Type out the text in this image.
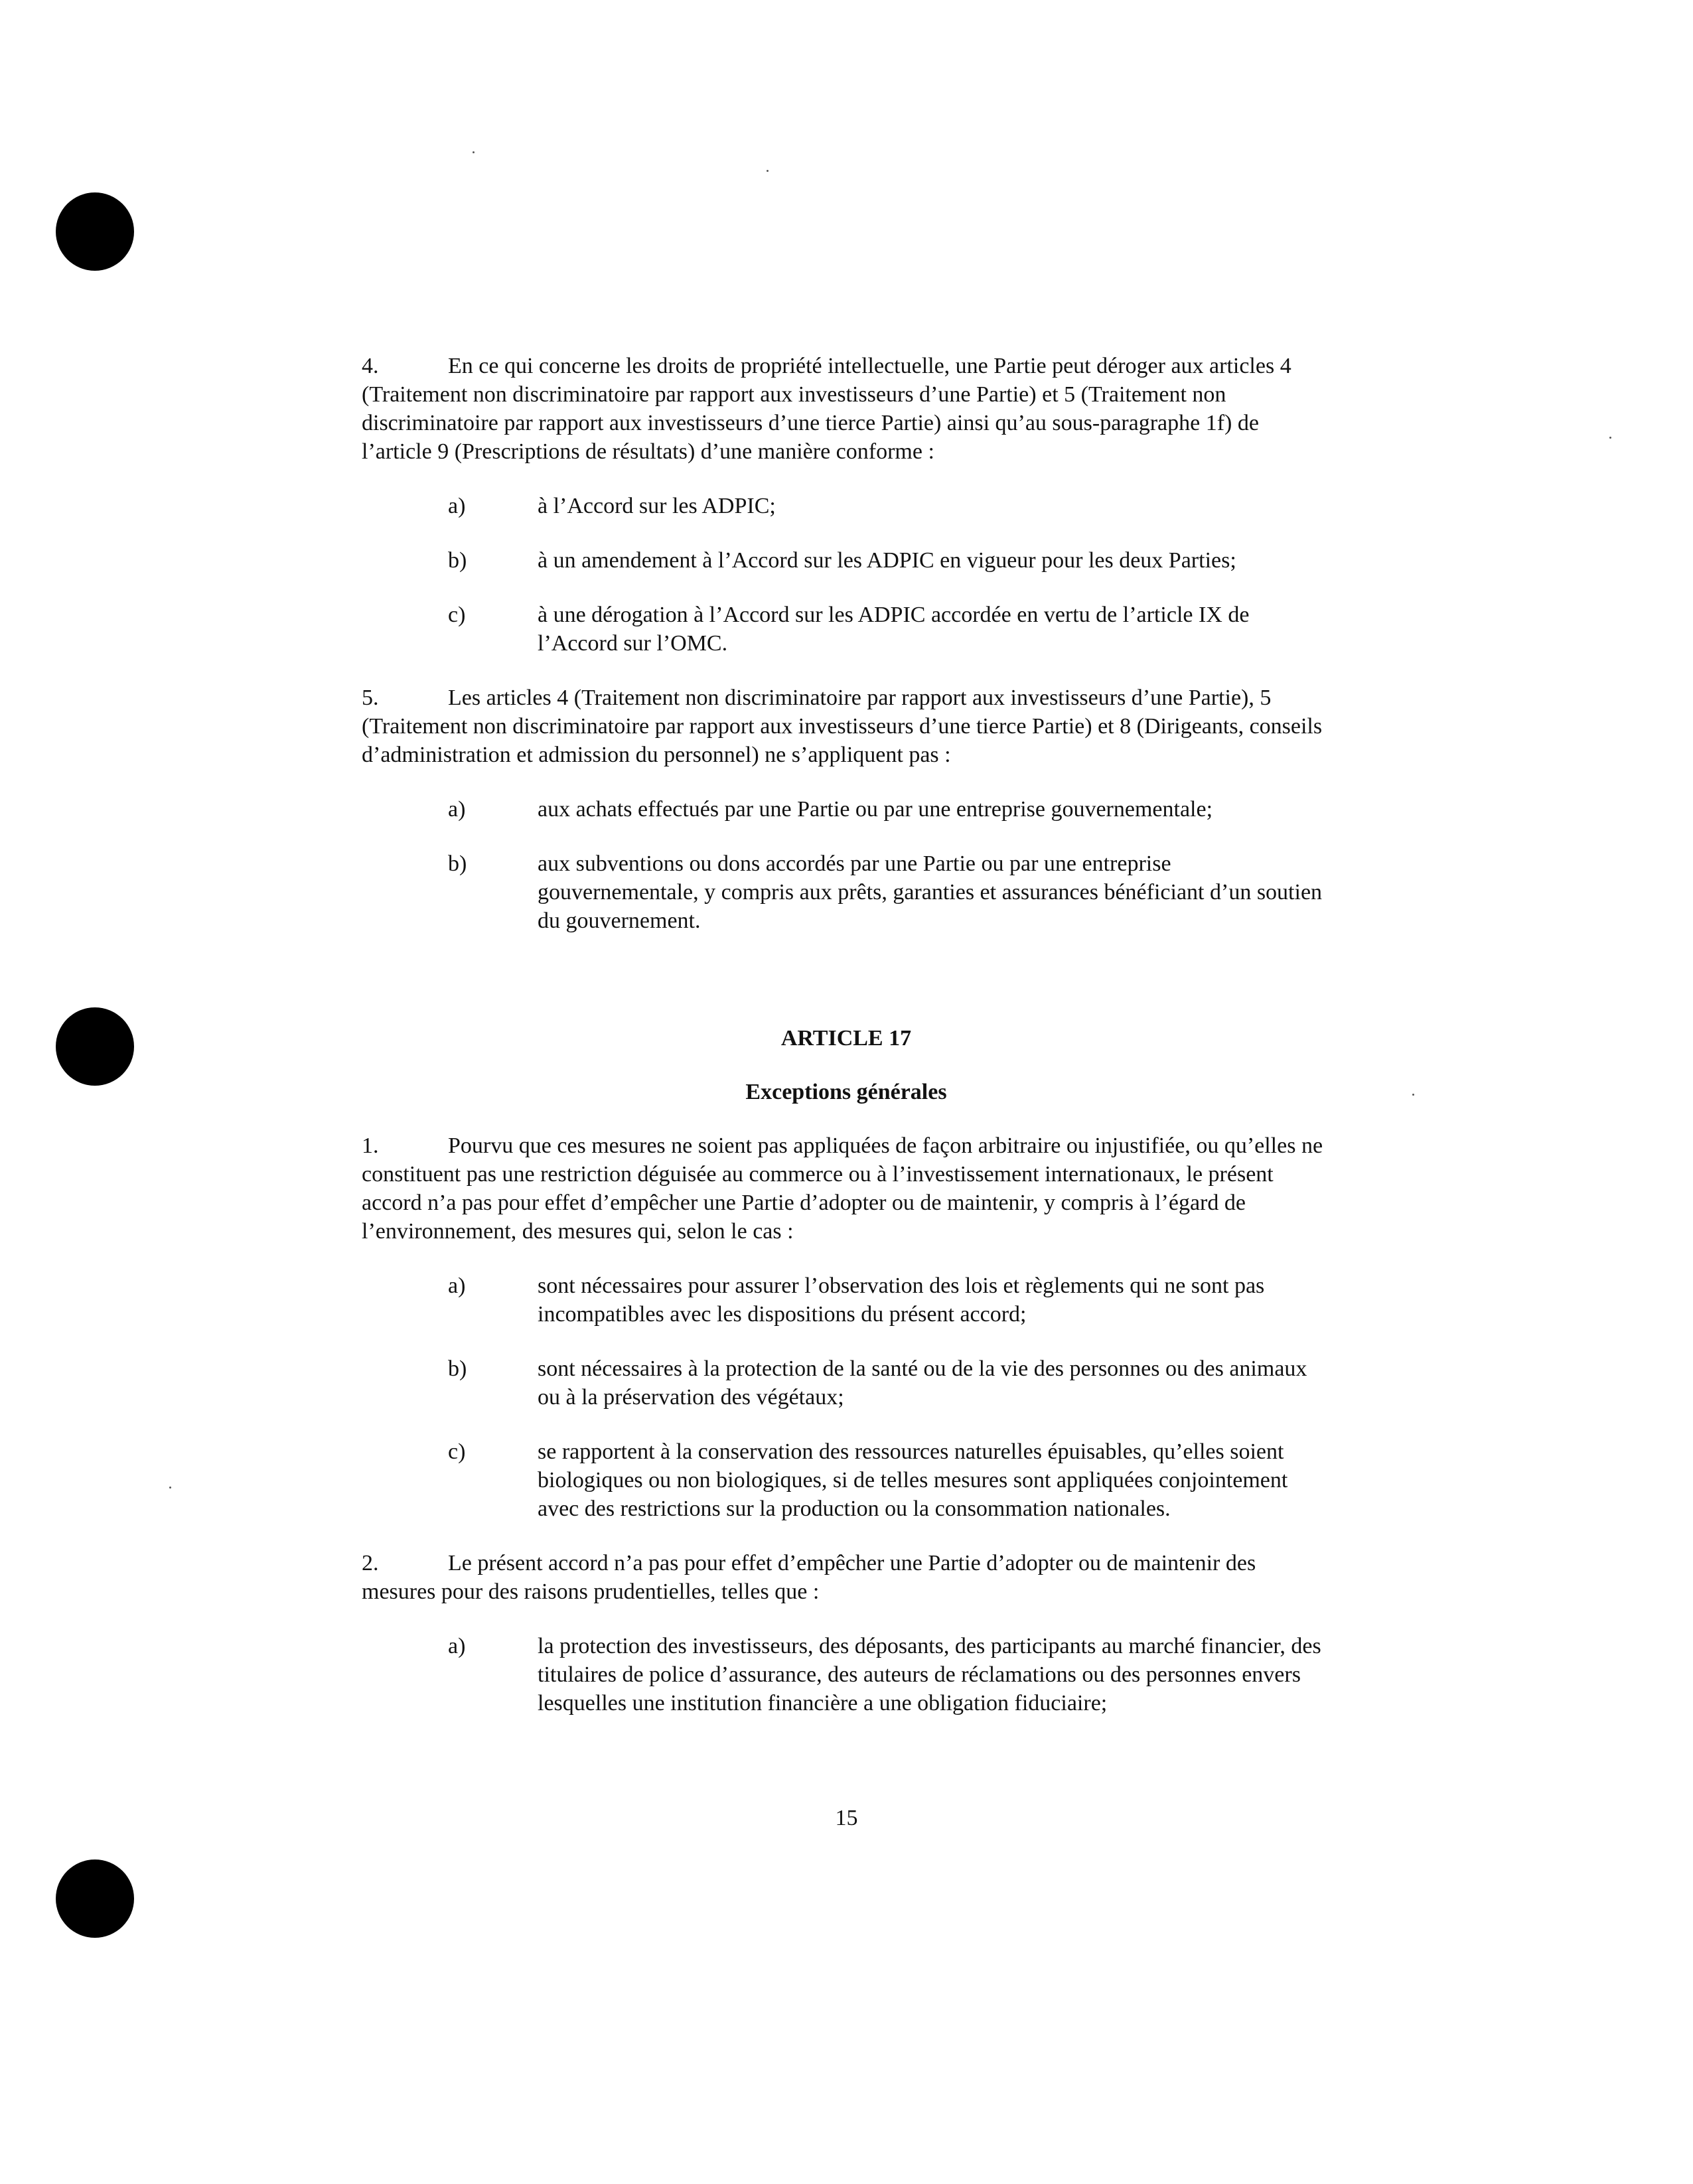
4.	En ce qui concerne les droits de propriété intellectuelle, une Partie peut déroger aux articles 4 (Traitement non discriminatoire par rapport aux investisseurs d’une Partie) et 5 (Traitement non discriminatoire par rapport aux investisseurs d’une tierce Partie) ainsi qu’au sous-paragraphe 1f) de l’article 9 (Prescriptions de résultats) d’une manière conforme :

a)	à l’Accord sur les ADPIC;
b)	à un amendement à l’Accord sur les ADPIC en vigueur pour les deux Parties;
c)	à une dérogation à l’Accord sur les ADPIC accordée en vertu de l’article IX de l’Accord sur l’OMC.

5.	Les articles 4 (Traitement non discriminatoire par rapport aux investisseurs d’une Partie), 5 (Traitement non discriminatoire par rapport aux investisseurs d’une tierce Partie) et 8 (Dirigeants, conseils d’administration et admission du personnel) ne s’appliquent pas :

a)	aux achats effectués par une Partie ou par une entreprise gouvernementale;
b)	aux subventions ou dons accordés par une Partie ou par une entreprise gouvernementale, y compris aux prêts, garanties et assurances bénéficiant d’un soutien du gouvernement.
ARTICLE 17
Exceptions générales

1.	Pourvu que ces mesures ne soient pas appliquées de façon arbitraire ou injustifiée, ou qu’elles ne constituent pas une restriction déguisée au commerce ou à l’investissement internationaux, le présent accord n’a pas pour effet d’empêcher une Partie d’adopter ou de maintenir, y compris à l’égard de l’environnement, des mesures qui, selon le cas :

a)	sont nécessaires pour assurer l’observation des lois et règlements qui ne sont pas incompatibles avec les dispositions du présent accord;
b)	sont nécessaires à la protection de la santé ou de la vie des personnes ou des animaux ou à la préservation des végétaux;
c)	se rapportent à la conservation des ressources naturelles épuisables, qu’elles soient biologiques ou non biologiques, si de telles mesures sont appliquées conjointement avec des restrictions sur la production ou la consommation nationales.

2.	Le présent accord n’a pas pour effet d’empêcher une Partie d’adopter ou de maintenir des mesures pour des raisons prudentielles, telles que :

a)	la protection des investisseurs, des déposants, des participants au marché financier, des titulaires de police d’assurance, des auteurs de réclamations ou des personnes envers lesquelles une institution financière a une obligation fiduciaire;
15
